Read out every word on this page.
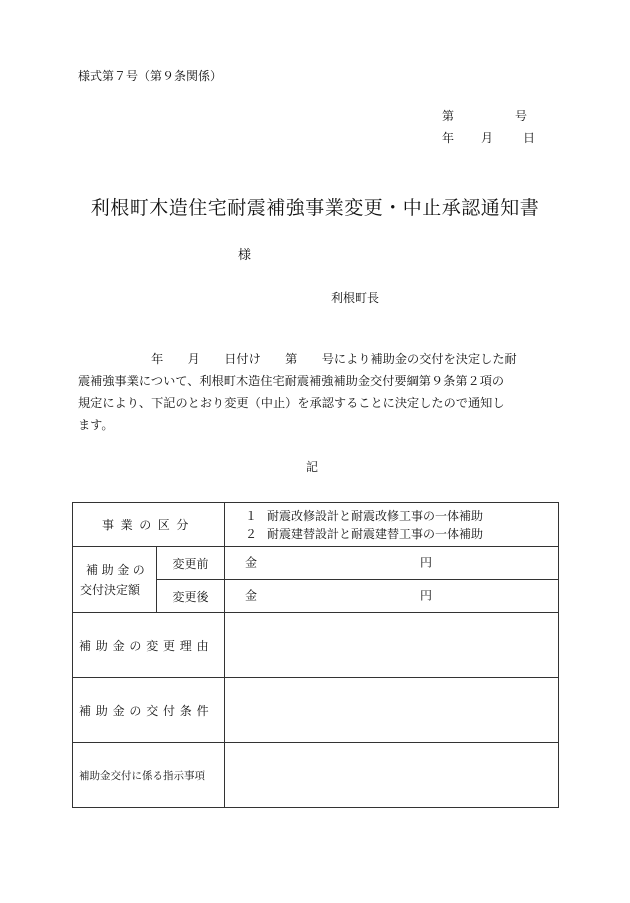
様式第７号（第９条関係）
第	号
年 月 日
利根町木造住宅耐震補強事業変更・中止承認通知書
様
利根町長
　　　　　　年　　月　　日付け　　第　　号により補助金の交付を決定した耐
震補強事業について、利根町木造住宅耐震補強補助金交付要綱第９条第２項の
規定により、下記のとおり変更（中止）を承認することに決定したので通知し
ます。
記
事業の区分		１ 耐震改修設計と耐震改修工事の一体補助
２ 耐震建替設計と耐震建替工事の一体補助

補助金の
交付決定額	変更前	金 円

	変更後	金 円

補助金の変更理由		
補助金の交付条件		
補助金交付に係る指示事項		
